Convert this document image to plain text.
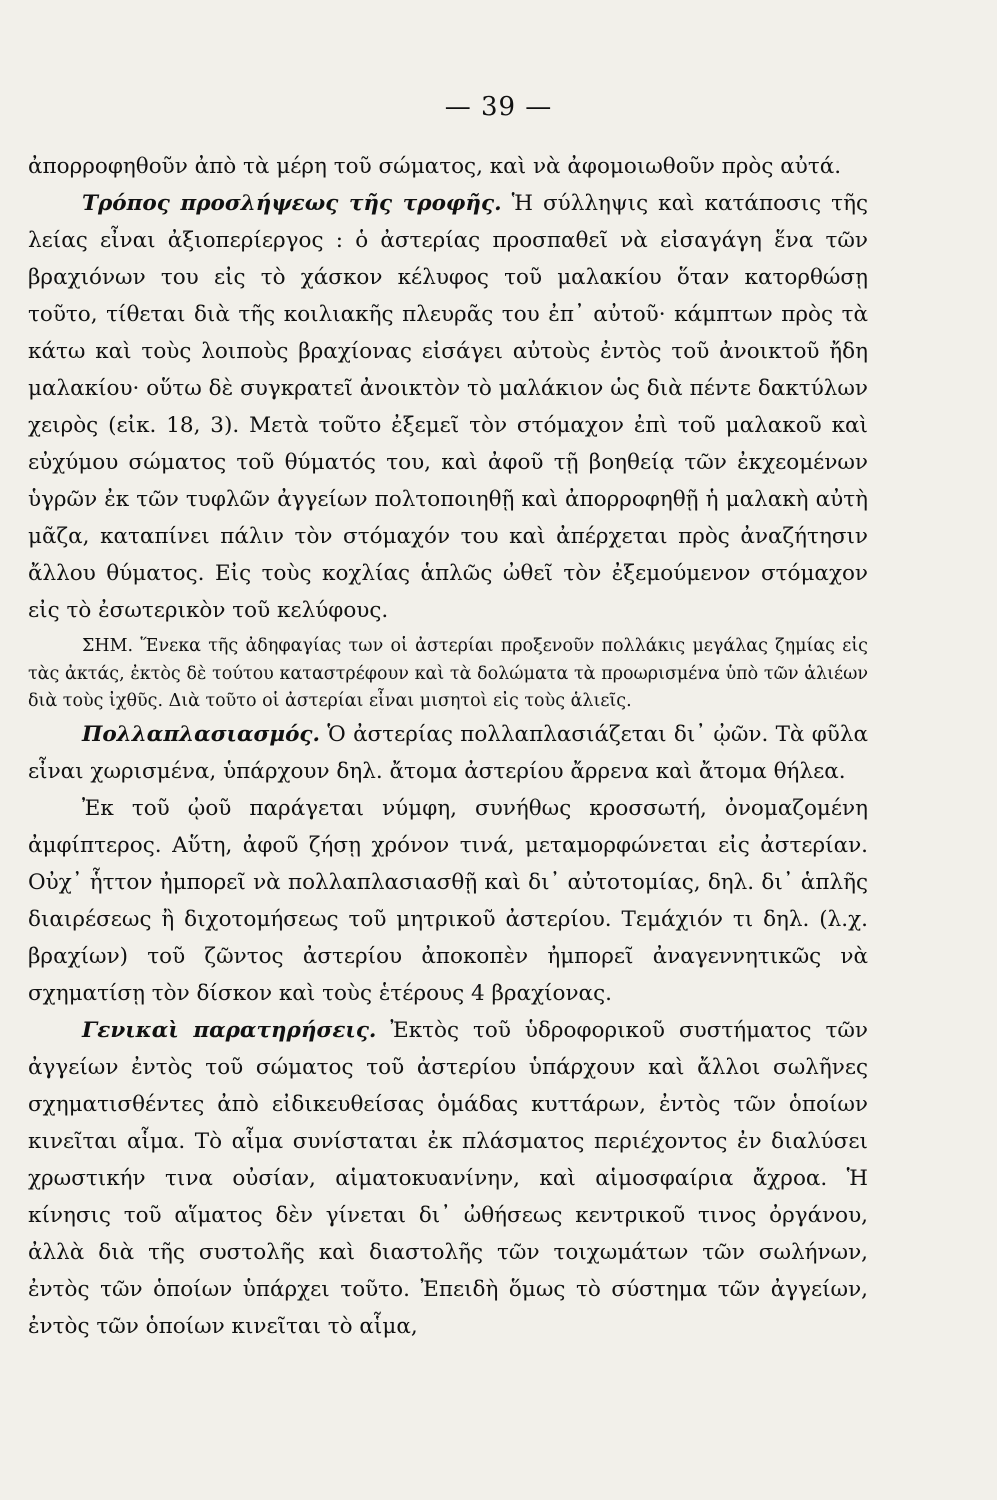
— 39 —

ἀπορροφηθοῦν ἀπὸ τὰ μέρη τοῦ σώματος, καὶ νὰ ἀφομοιωθοῦν πρὸς αὐτά.

Τρόπος προσλήψεως τῆς τροφῆς. Ἡ σύλληψις καὶ κατάποσις τῆς λείας εἶναι ἀξιοπερίεργος : ὁ ἀστερίας προσπαθεῖ νὰ εἰσαγάγη ἕνα τῶν βραχιόνων του εἰς τὸ χάσκον κέλυφος τοῦ μαλακίου ὅταν κατορθώσῃ τοῦτο, τίθεται διὰ τῆς κοιλιακῆς πλευρᾶς του ἐπ᾽ αὐτοῦ· κάμπτων πρὸς τὰ κάτω καὶ τοὺς λοιποὺς βραχίονας εἰσάγει αὐτοὺς ἐντὸς τοῦ ἀνοικτοῦ ἤδη μαλακίου· οὕτω δὲ συγκρατεῖ ἀνοικτὸν τὸ μαλάκιον ὡς διὰ πέντε δακτύλων χειρὸς (εἰκ. 18, 3). Μετὰ τοῦτο ἐξεμεῖ τὸν στόμαχον ἐπὶ τοῦ μαλακοῦ καὶ εὐχύμου σώματος τοῦ θύματός του, καὶ ἀφοῦ τῇ βοηθείᾳ τῶν ἐκχεομένων ὑγρῶν ἐκ τῶν τυφλῶν ἀγγείων πολτοποιηθῇ καὶ ἀπορροφηθῇ ἡ μαλακὴ αὐτὴ μᾶζα, καταπίνει πάλιν τὸν στόμαχόν του καὶ ἀπέρχεται πρὸς ἀναζήτησιν ἄλλου θύματος. Εἰς τοὺς κοχλίας ἁπλῶς ὠθεῖ τὸν ἐξεμούμενον στόμαχον εἰς τὸ ἐσωτερικὸν τοῦ κελύφους.

ΣΗΜ. Ἕνεκα τῆς ἀδηφαγίας των οἱ ἀστερίαι προξενοῦν πολλάκις μεγάλας ζημίας εἰς τὰς ἀκτάς, ἐκτὸς δὲ τούτου καταστρέφουν καὶ τὰ δολώματα τὰ προωρισμένα ὑπὸ τῶν ἁλιέων διὰ τοὺς ἰχθῦς. Διὰ τοῦτο οἱ ἀστερίαι εἶναι μισητοὶ εἰς τοὺς ἁλιεῖς.

Πολλαπλασιασμός. Ὁ ἀστερίας πολλαπλασιάζεται δι᾽ ᾠῶν. Τὰ φῦλα εἶναι χωρισμένα, ὑπάρχουν δηλ. ἄτομα ἀστερίου ἄρρενα καὶ ἄτομα θήλεα.

Ἐκ τοῦ ᾠοῦ παράγεται νύμφη, συνήθως κροσσωτή, ὀνομαζομένη ἀμφίπτερος. Αὕτη, ἀφοῦ ζήσῃ χρόνον τινά, μεταμορφώνεται εἰς ἀστερίαν. Οὐχ᾽ ἧττον ἠμπορεῖ νὰ πολλαπλασιασθῇ καὶ δι᾽ αὐτοτομίας, δηλ. δι᾽ ἁπλῆς διαιρέσεως ἢ διχοτομήσεως τοῦ μητρικοῦ ἀστερίου. Τεμάχιόν τι δηλ. (λ.χ. βραχίων) τοῦ ζῶντος ἀστερίου ἀποκοπὲν ἠμπορεῖ ἀναγεννητικῶς νὰ σχηματίσῃ τὸν δίσκον καὶ τοὺς ἑτέρους 4 βραχίονας.

Γενικαὶ παρατηρήσεις. Ἐκτὸς τοῦ ὑδροφορικοῦ συστήματος τῶν ἀγγείων ἐντὸς τοῦ σώματος τοῦ ἀστερίου ὑπάρχουν καὶ ἄλλοι σωλῆνες σχηματισθέντες ἀπὸ εἰδικευθείσας ὁμάδας κυττάρων, ἐντὸς τῶν ὁποίων κινεῖται αἷμα. Τὸ αἷμα συνίσταται ἐκ πλάσματος περιέχοντος ἐν διαλύσει χρωστικήν τινα οὐσίαν, αἱματοκυανίνην, καὶ αἱμοσφαίρια ἄχροα. Ἡ κίνησις τοῦ αἵματος δὲν γίνεται δι᾽ ὠθήσεως κεντρικοῦ τινος ὀργάνου, ἀλλὰ διὰ τῆς συστολῆς καὶ διαστολῆς τῶν τοιχωμάτων τῶν σωλήνων, ἐντὸς τῶν ὁποίων ὑπάρχει τοῦτο. Ἐπειδὴ ὅμως τὸ σύστημα τῶν ἀγγείων, ἐντὸς τῶν ὁποίων κινεῖται τὸ αἷμα,
